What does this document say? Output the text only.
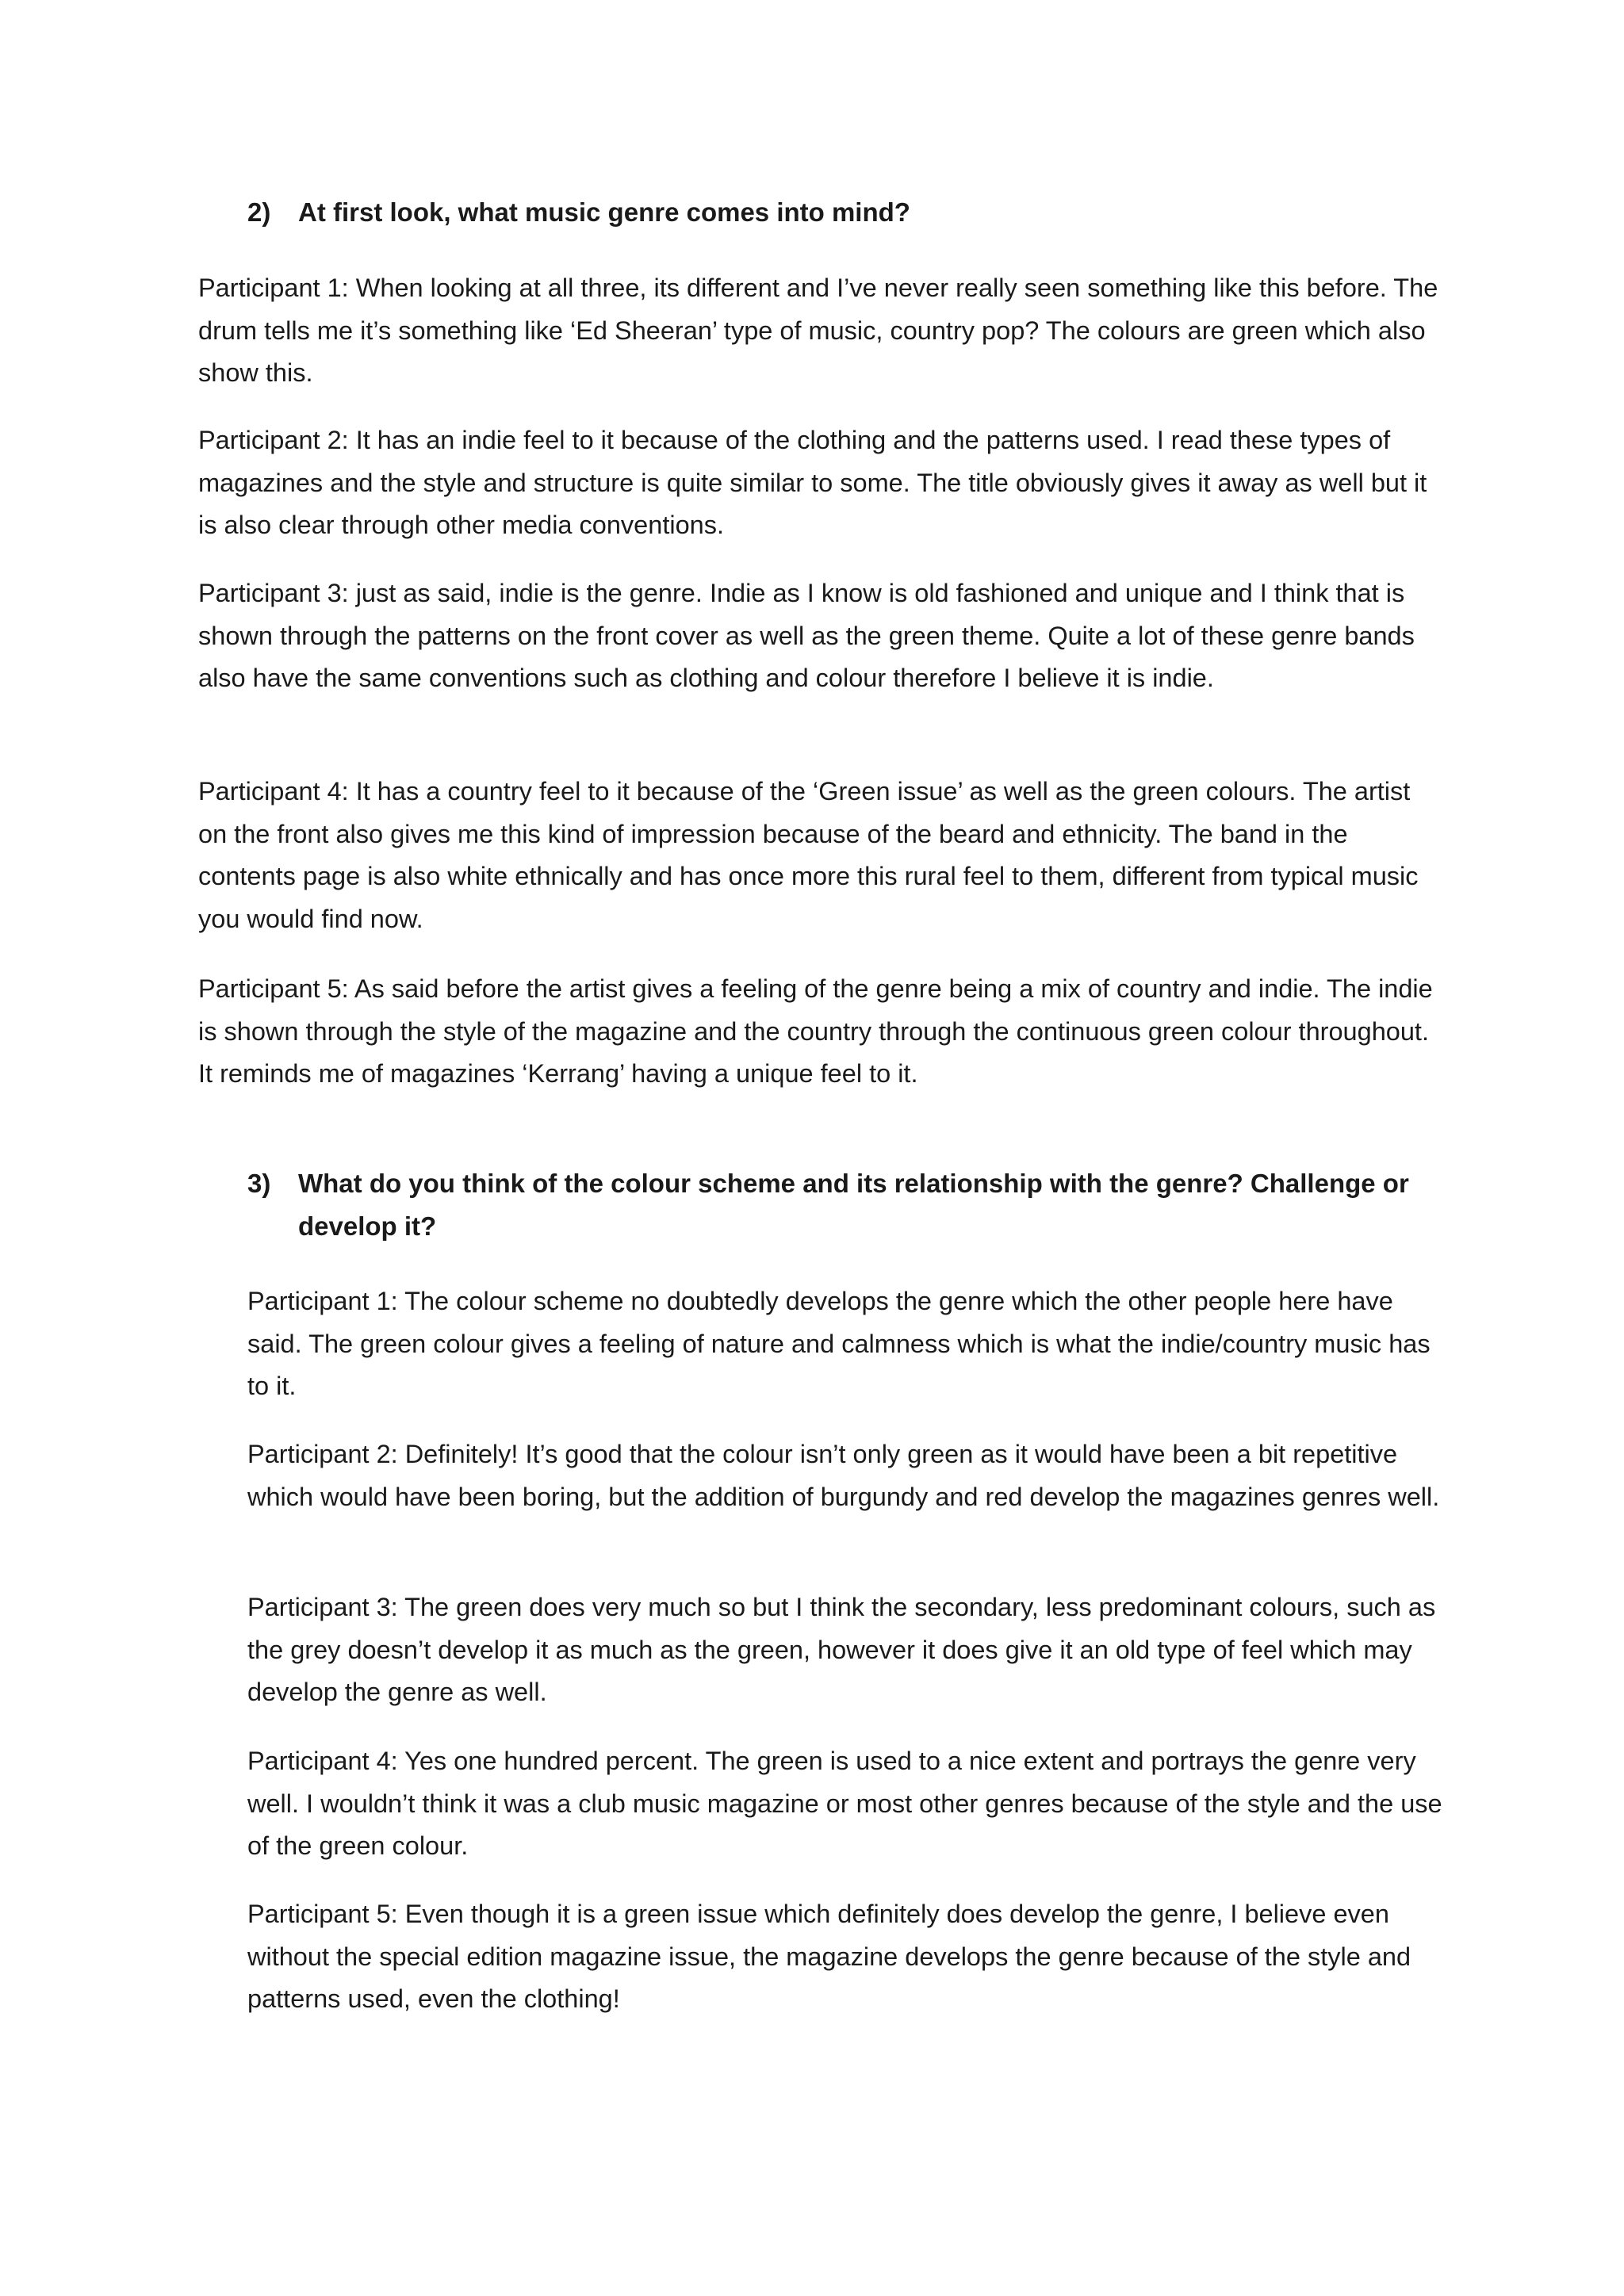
2) At first look, what music genre comes into mind?

Participant 1: When looking at all three, its different and I’ve never really seen something like this before. The drum tells me it’s something like ‘Ed Sheeran’ type of music, country pop? The colours are green which also show this.

Participant 2: It has an indie feel to it because of the clothing and the patterns used. I read these types of magazines and the style and structure is quite similar to some. The title obviously gives it away as well but it is also clear through other media conventions.

Participant 3: just as said, indie is the genre. Indie as I know is old fashioned and unique and I think that is shown through the patterns on the front cover as well as the green theme. Quite a lot of these genre bands also have the same conventions such as clothing and colour therefore I believe it is indie.

Participant 4: It has a country feel to it because of the ‘Green issue’ as well as the green colours. The artist on the front also gives me this kind of impression because of the beard and ethnicity. The band in the contents page is also white ethnically and has once more this rural feel to them, different from typical music you would find now.

Participant 5: As said before the artist gives a feeling of the genre being a mix of country and indie. The indie is shown through the style of the magazine and the country through the continuous green colour throughout. It reminds me of magazines ‘Kerrang’ having a unique feel to it.

3) What do you think of the colour scheme and its relationship with the genre? Challenge or develop it?

Participant 1: The colour scheme no doubtedly develops the genre which the other people here have said. The green colour gives a feeling of nature and calmness which is what the indie/country music has to it.

Participant 2: Definitely! It’s good that the colour isn’t only green as it would have been a bit repetitive which would have been boring, but the addition of burgundy and red develop the magazines genres well.

Participant 3: The green does very much so but I think the secondary, less predominant colours, such as the grey doesn’t develop it as much as the green, however it does give it an old type of feel which may develop the genre as well.

Participant 4: Yes one hundred percent. The green is used to a nice extent and portrays the genre very well. I wouldn’t think it was a club music magazine or most other genres because of the style and the use of the green colour.

Participant 5: Even though it is a green issue which definitely does develop the genre, I believe even without the special edition magazine issue, the magazine develops the genre because of the style and patterns used, even the clothing!
